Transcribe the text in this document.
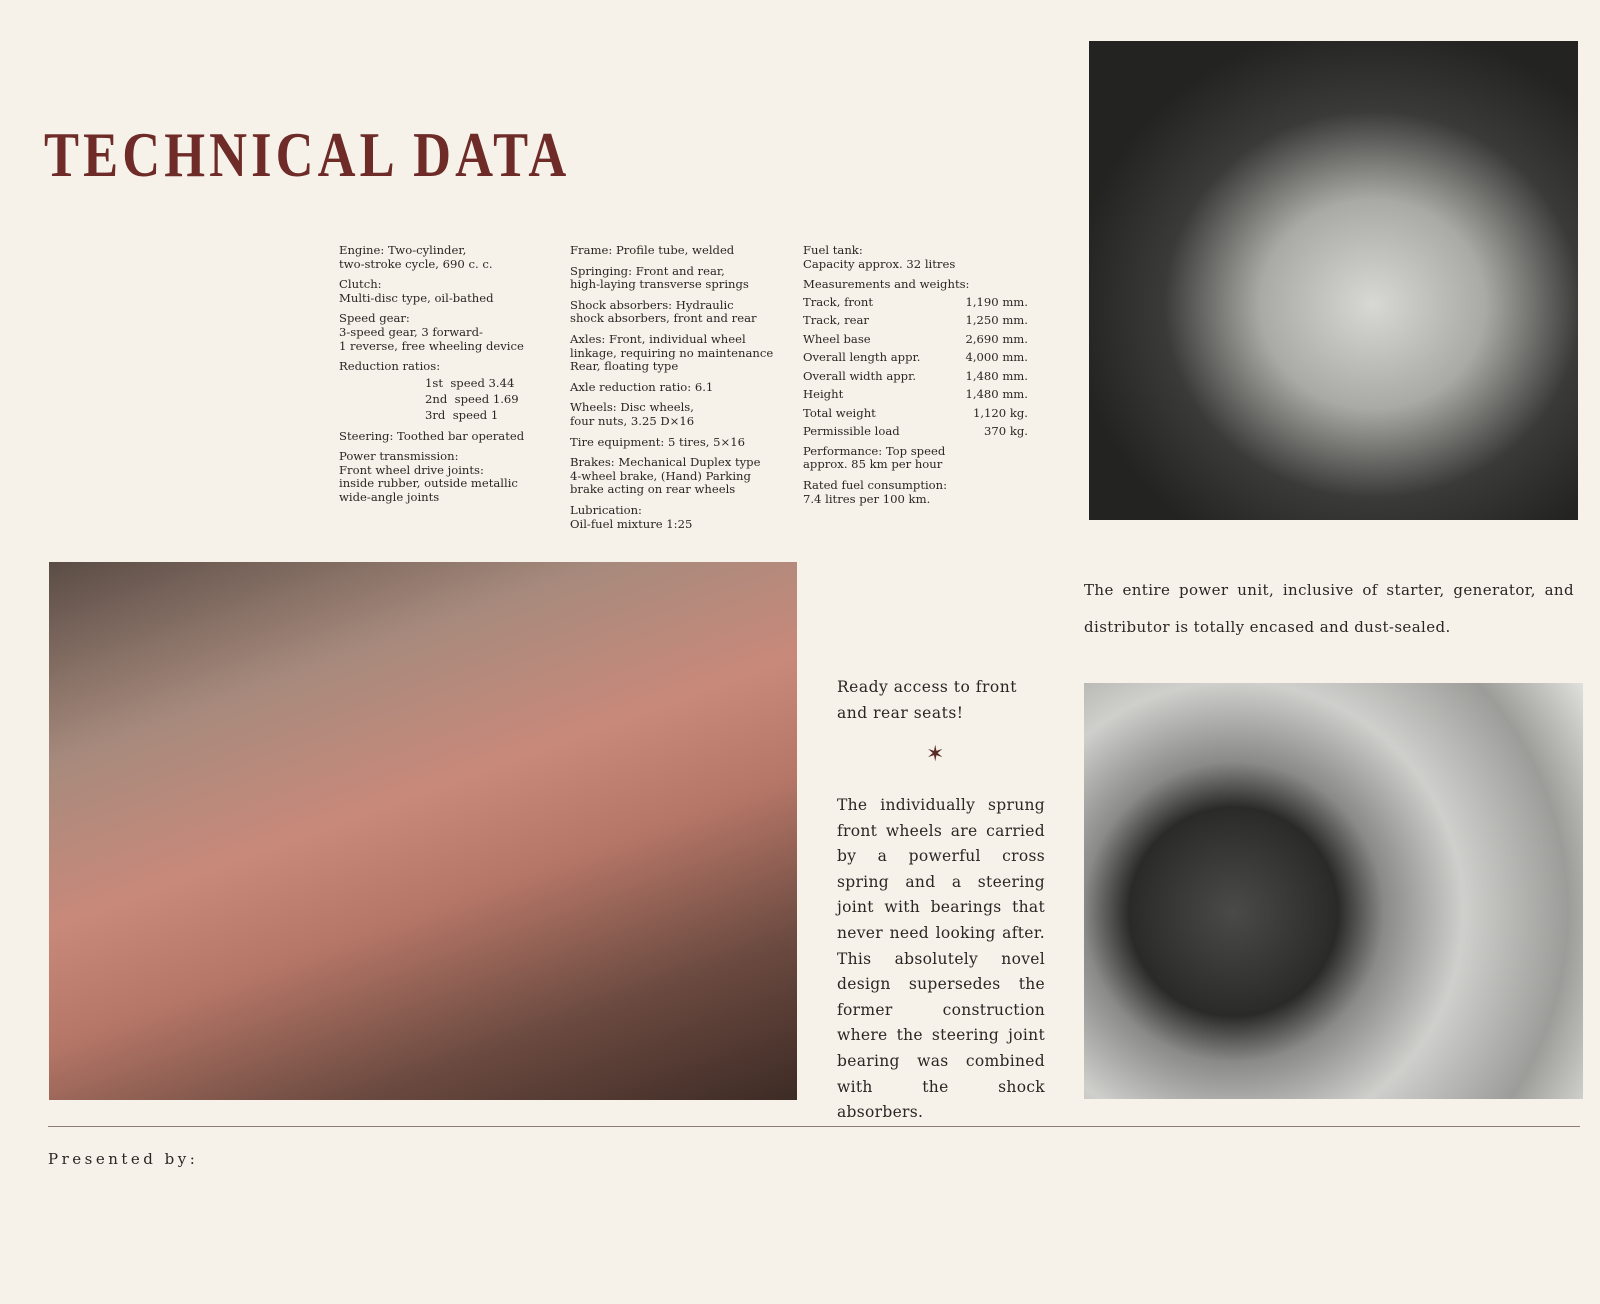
TECHNICAL DATA

Engine: Two-cylinder,
two-stroke cycle, 690 c. c.

Clutch:
Multi-disc type, oil-bathed

Speed gear:
3-speed gear, 3 forward-
1 reverse, free wheeling device

Reduction ratios:

1st  speed 3.44
2nd  speed 1.69
3rd  speed 1

Steering: Toothed bar operated

Power transmission:
Front wheel drive joints:
inside rubber, outside metallic
wide-angle joints

Frame: Profile tube, welded

Springing: Front and rear,
high-laying transverse springs

Shock absorbers: Hydraulic
shock absorbers, front and rear

Axles: Front, individual wheel
linkage, requiring no maintenance
Rear, floating type

Axle reduction ratio: 6.1

Wheels: Disc wheels,
four nuts, 3.25 D×16

Tire equipment: 5 tires, 5×16

Brakes: Mechanical Duplex type
4-wheel brake, (Hand) Parking
brake acting on rear wheels

Lubrication:
Oil-fuel mixture 1:25

Fuel tank:
Capacity approx. 32 litres

Measurements and weights:

Track, front	1,190 mm.
Track, rear	1,250 mm.
Wheel base	2,690 mm.
Overall length appr.	4,000 mm.
Overall width appr.	1,480 mm.
Height	1,480 mm.
Total weight	1,120 kg.
Permissible load	370 kg.

Performance: Top speed
approx. 85 km per hour

Rated fuel consumption:
7.4 litres per 100 km.

The entire power unit, inclusive of starter, generator, and distributor is totally encased and dust-sealed.
Ready access to front and rear seats!
✶
The individually sprung front wheels are carried by a powerful cross spring and a steering joint with bearings that never need looking after. This absolutely novel design supersedes the former construction where the steering joint bearing was combined with the shock absorbers.
Presented by:
